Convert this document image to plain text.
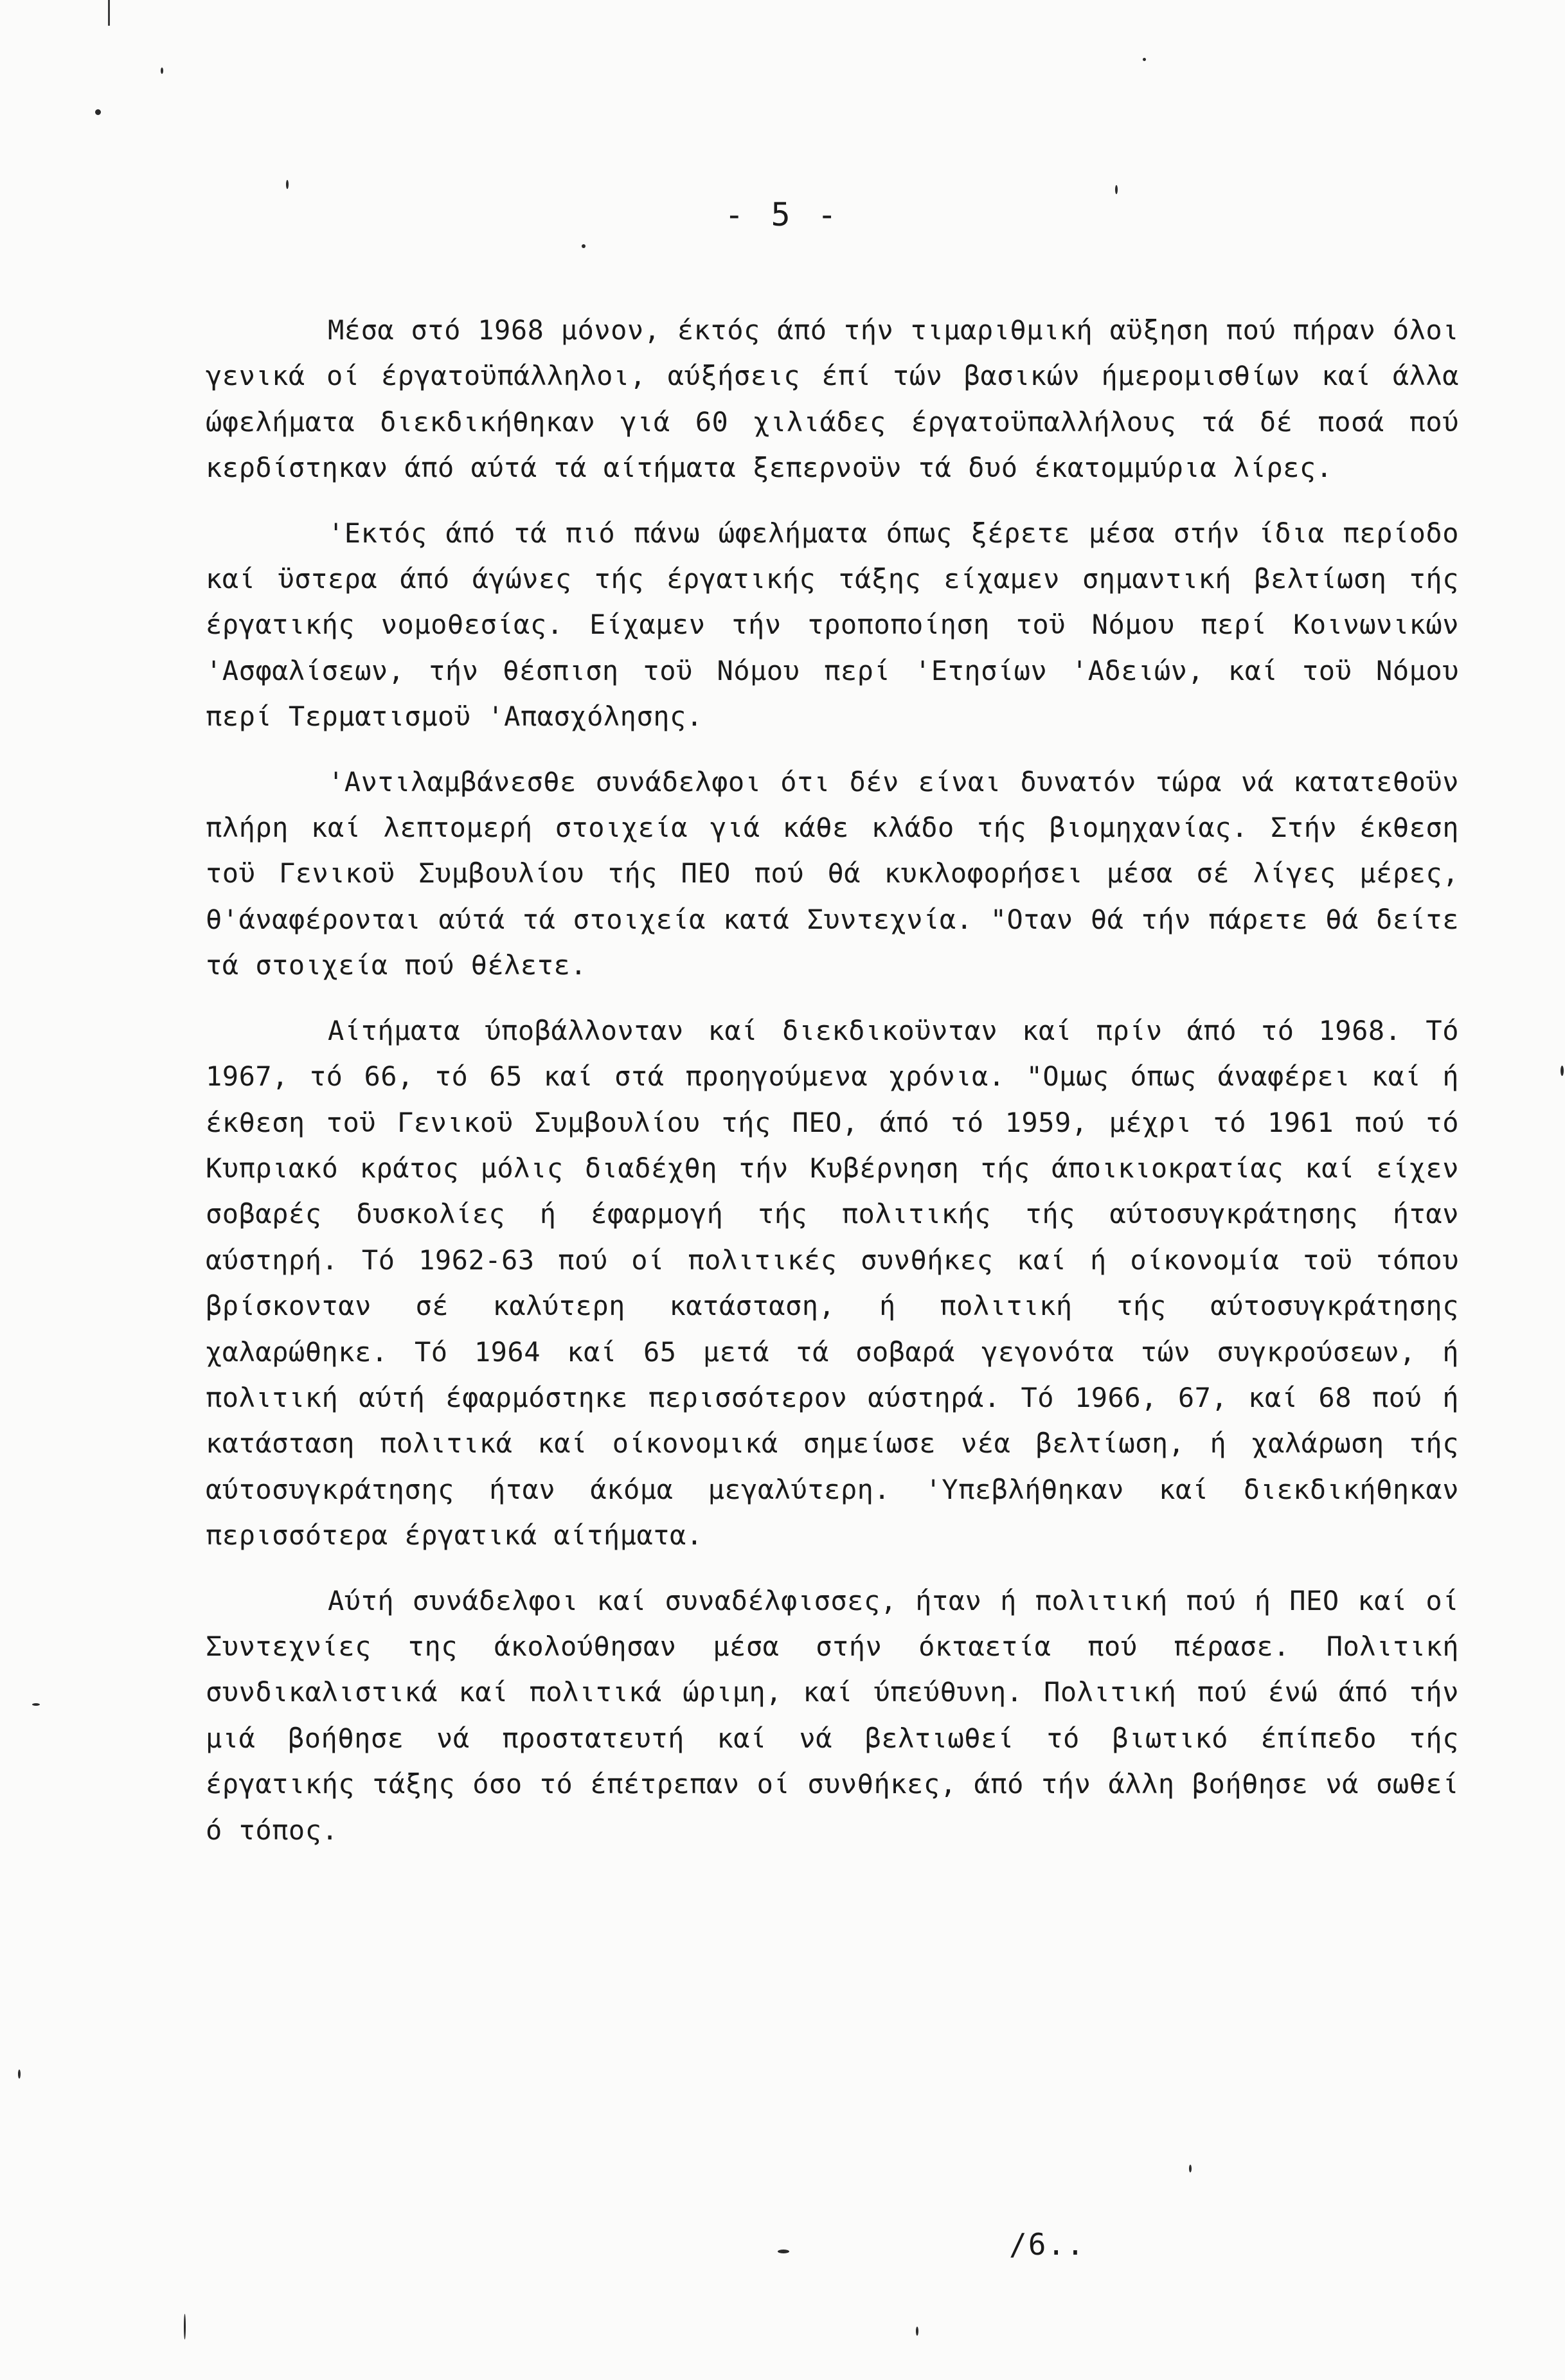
- 5 -

Μέσα στό 1968 μόνον, έκτός άπό τήν τιμαριθμική αϋξηση πού πήραν όλοι γενικά οί έργατοϋπάλληλοι, αύξήσεις έπί τών βασικών ήμερομισθίων καί άλλα ώφελήματα διεκδικήθηκαν γιά 60 χιλιάδες έργατοϋπαλλήλους τά δέ ποσά πού κερδίστηκαν άπό αύτά τά αίτήματα ξεπερνοϋν τά δυό έκατομμύρια λίρες.

'Εκτός άπό τά πιό πάνω ώφελήματα όπως ξέρετε μέσα στήν ίδια περίοδο καί ϋστερα άπό άγώνες τής έργατικής τάξης είχαμεν σημαντική βελτίωση τής έργατικής νομοθεσίας. Είχαμεν τήν τροποποίηση τοϋ Νόμου περί Κοινωνικών 'Ασφαλίσεων, τήν θέσπιση τοϋ Νόμου περί 'Ετησίων 'Αδειών, καί τοϋ Νόμου περί Τερματισμοϋ 'Απασχόλησης.

'Αντιλαμβάνεσθε συνάδελφοι ότι δέν είναι δυνατόν τώρα νά κατατεθοϋν πλήρη καί λεπτομερή στοιχεία γιά κάθε κλάδο τής βιομηχανίας. Στήν έκθεση τοϋ Γενικοϋ Συμβουλίου τής ΠΕΟ πού θά κυκλοφορήσει μέσα σέ λίγες μέρες, θ'άναφέρονται αύτά τά στοιχεία κατά Συντεχνία. "Οταν θά τήν πάρετε θά δείτε τά στοιχεία πού θέλετε.

Αίτήματα ύποβάλλονταν καί διεκδικοϋνταν καί πρίν άπό τό 1968. Τό 1967, τό 66, τό 65 καί στά προηγούμενα χρόνια. "Ομως όπως άναφέρει καί ή έκθεση τοϋ Γενικοϋ Συμβουλίου τής ΠΕΟ, άπό τό 1959, μέχρι τό 1961 πού τό Κυπριακό κράτος μόλις διαδέχθη τήν Κυβέρνηση τής άποικιοκρατίας καί είχεν σοβαρές δυσκολίες ή έφαρμογή τής πολιτικής τής αύτοσυγκράτησης ήταν αύστηρή. Τό 1962-63 πού οί πολιτικές συνθήκες καί ή οίκονομία τοϋ τόπου βρίσκονταν σέ καλύτερη κατάσταση, ή πολιτική τής αύτοσυγκράτησης χαλαρώθηκε. Τό 1964 καί 65 μετά τά σοβαρά γεγονότα τών συγκρούσεων, ή πολιτική αύτή έφαρμόστηκε περισσότερον αύστηρά. Τό 1966, 67, καί 68 πού ή κατάσταση πολιτικά καί οίκονομικά σημείωσε νέα βελτίωση, ή χαλάρωση τής αύτοσυγκράτησης ήταν άκόμα μεγαλύτερη. 'Υπεβλήθηκαν καί διεκδικήθηκαν περισσότερα έργατικά αίτήματα.

Αύτή συνάδελφοι καί συναδέλφισσες, ήταν ή πολιτική πού ή ΠΕΟ καί οί Συντεχνίες της άκολούθησαν μέσα στήν όκταετία πού πέρασε. Πολιτική συνδικαλιστικά καί πολιτικά ώριμη, καί ύπεύθυνη. Πολιτική πού ένώ άπό τήν μιά βοήθησε νά προστατευτή καί νά βελτιωθεί τό βιωτικό έπίπεδο τής έργατικής τάξης όσο τό έπέτρεπαν οί συνθήκες, άπό τήν άλλη βοήθησε νά σωθεί ό τόπος.

/6..
